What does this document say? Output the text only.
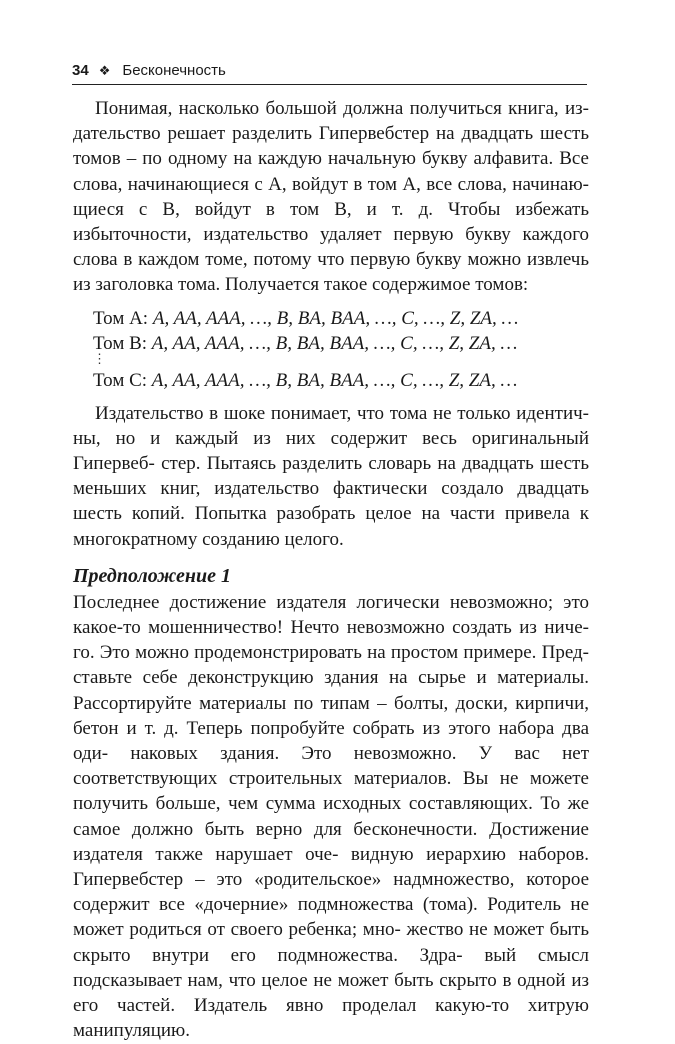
34 ❖ Бесконечность

Понимая, насколько большой должна получиться книга, из- дательство решает разделить Гипервебстер на двадцать шесть томов – по одному на каждую начальную букву алфавита. Все слова, начинающиеся с A, войдут в том A, все слова, начинаю- щиеся с B, войдут в том B, и т. д. Чтобы избежать избыточности, издательство удаляет первую букву каждого слова в каждом томе, потому что первую букву можно извлечь из заголовка тома. Получается такое содержимое томов:

Том A: A, AA, AAA, …, B, BA, BAA, …, C, …, Z, ZA, …
Том B: A, AA, AAA, …, B, BA, BAA, …, C, …, Z, ZA, …
⋮

Том C: A, AA, AAA, …, B, BA, BAA, …, C, …, Z, ZA, …

Издательство в шоке понимает, что тома не только идентич- ны, но и каждый из них содержит весь оригинальный Гипервеб- стер. Пытаясь разделить словарь на двадцать шесть меньших книг, издательство фактически создало двадцать шесть копий. Попытка разобрать целое на части привела к многократному созданию целого.

Предположение 1

Последнее достижение издателя логически невозможно; это какое-то мошенничество! Нечто невозможно создать из ниче- го. Это можно продемонстрировать на простом примере. Пред- ставьте себе деконструкцию здания на сырье и материалы. Рассортируйте материалы по типам – болты, доски, кирпичи, бетон и т. д. Теперь попробуйте собрать из этого набора два оди- наковых здания. Это невозможно. У вас нет соответствующих строительных материалов. Вы не можете получить больше, чем сумма исходных составляющих. То же самое должно быть верно для бесконечности. Достижение издателя также нарушает оче- видную иерархию наборов. Гипервебстер – это «родительское» надмножество, которое содержит все «дочерние» подмножества (тома). Родитель не может родиться от своего ребенка; мно- жество не может быть скрыто внутри его подмножества. Здра- вый смысл подсказывает нам, что целое не может быть скрыто в одной из его частей. Издатель явно проделал какую-то хитрую манипуляцию.
